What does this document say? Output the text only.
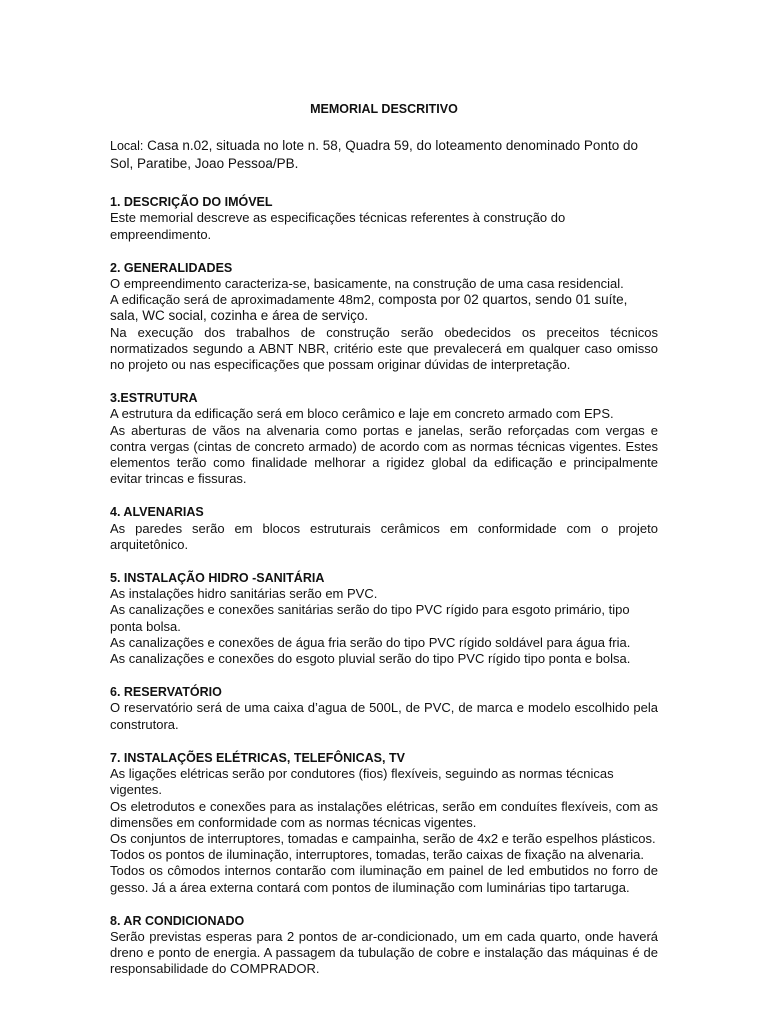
MEMORIAL DESCRITIVO

Local: Casa n.02, situada no lote n. 58, Quadra 59, do loteamento denominado Ponto do Sol, Paratibe, Joao Pessoa/PB.

1. DESCRIÇÃO DO IMÓVEL

Este memorial descreve as especificações técnicas referentes à construção do empreendimento.

2. GENERALIDADES

O empreendimento caracteriza-se, basicamente, na construção de uma casa residencial.

A edificação será de aproximadamente 48m2, composta por 02 quartos, sendo 01 suíte, sala, WC social, cozinha e área de serviço.

Na execução dos trabalhos de construção serão obedecidos os preceitos técnicos normatizados segundo a ABNT NBR, critério este que prevalecerá em qualquer caso omisso no projeto ou nas especificações que possam originar dúvidas de interpretação.

3.ESTRUTURA

A estrutura da edificação será em bloco cerâmico e laje em concreto armado com EPS.

As aberturas de vãos na alvenaria como portas e janelas, serão reforçadas com vergas e contra vergas (cintas de concreto armado) de acordo com as normas técnicas vigentes. Estes elementos terão como finalidade melhorar a rigidez global da edificação e principalmente evitar trincas e fissuras.

4. ALVENARIAS

As paredes serão em blocos estruturais cerâmicos em conformidade com o projeto arquitetônico.

5. INSTALAÇÃO HIDRO -SANITÁRIA

As instalações hidro sanitárias serão em PVC.

As canalizações e conexões sanitárias serão do tipo PVC rígido para esgoto primário, tipo ponta bolsa.

As canalizações e conexões de água fria serão do tipo PVC rígido soldável para água fria.

As canalizações e conexões do esgoto pluvial serão do tipo PVC rígido tipo ponta e bolsa.

6. RESERVATÓRIO

O reservatório será de uma caixa d’agua de 500L, de PVC, de marca e modelo escolhido pela construtora.

7. INSTALAÇÕES ELÉTRICAS, TELEFÔNICAS, TV

As ligações elétricas serão por condutores (fios) flexíveis, seguindo as normas técnicas vigentes.

Os eletrodutos e conexões para as instalações elétricas, serão em conduítes flexíveis, com as dimensões em conformidade com as normas técnicas vigentes.

Os conjuntos de interruptores, tomadas e campainha, serão de 4x2 e terão espelhos plásticos.

Todos os pontos de iluminação, interruptores, tomadas, terão caixas de fixação na alvenaria.

Todos os cômodos internos contarão com iluminação em painel de led embutidos no forro de gesso. Já a área externa contará com pontos de iluminação com luminárias tipo tartaruga.

8. AR CONDICIONADO

Serão previstas esperas para 2 pontos de ar-condicionado, um em cada quarto, onde haverá dreno e ponto de energia. A passagem da tubulação de cobre e instalação das máquinas é de responsabilidade do COMPRADOR.
